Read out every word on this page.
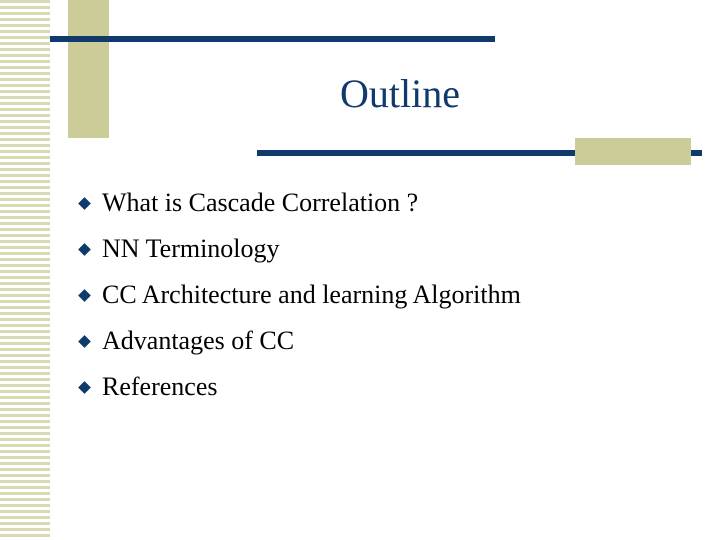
Outline
What is Cascade Correlation ?
NN Terminology
CC Architecture and learning Algorithm
Advantages of CC
References
